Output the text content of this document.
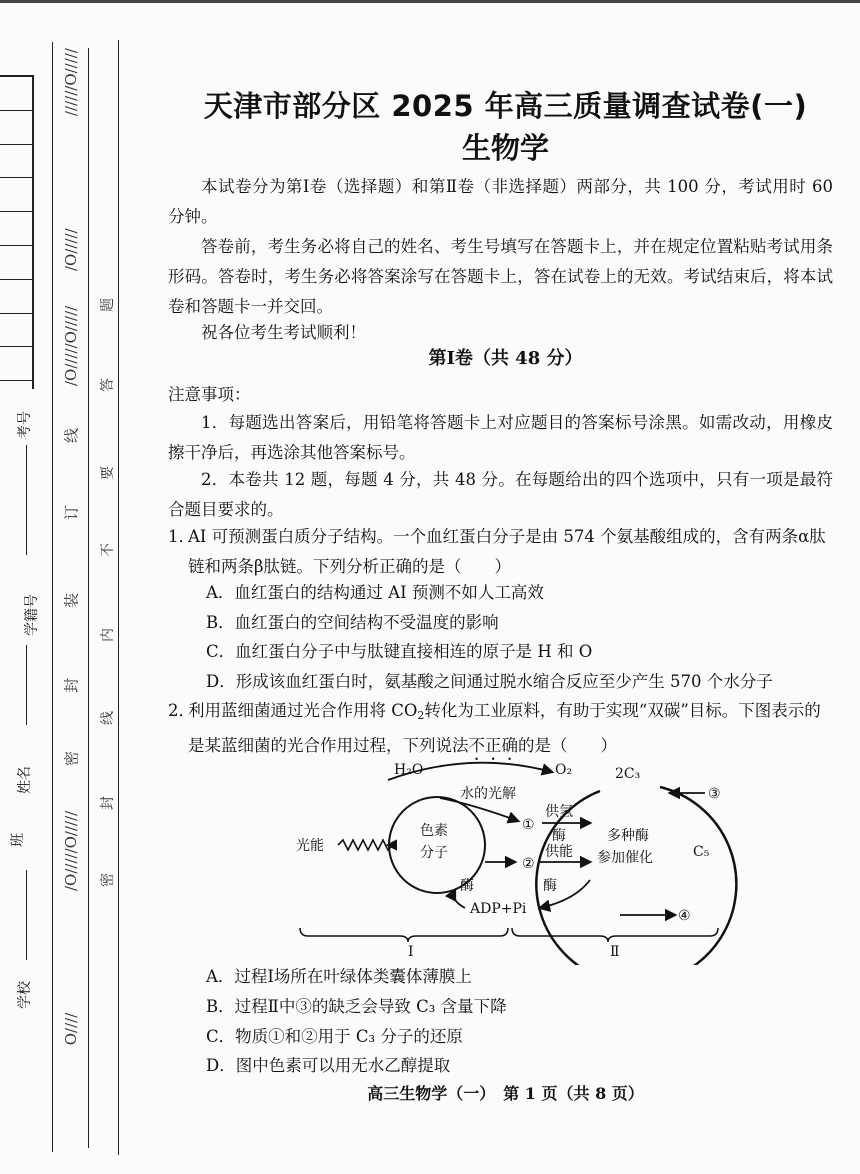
考号
学籍号
姓名
班
学校
//////O/////
/O/////
/O/////O/////
线
订
装
封
密
/O/////O/////
O////
题
答
要
不
内
线
封
密
天津市部分区 2025 年高三质量调查试卷(一)
生物学
本试卷分为第Ⅰ卷（选择题）和第Ⅱ卷（非选择题）两部分，共 100 分，考试用时 60 分钟。
答卷前，考生务必将自己的姓名、考生号填写在答题卡上，并在规定位置粘贴考试用条形码。答卷时，考生务必将答案涂写在答题卡上，答在试卷上的无效。考试结束后，将本试卷和答题卡一并交回。
祝各位考生考试顺利！
第Ⅰ卷（共 48 分）
注意事项：
1．每题选出答案后，用铅笔将答题卡上对应题目的答案标号涂黑。如需改动，用橡皮擦干净后，再选涂其他答案标号。
2．本卷共 12 题，每题 4 分，共 48 分。在每题给出的四个选项中，只有一项是最符合题目要求的。
1．
AI 可预测蛋白质分子结构。一个血红蛋白分子是由 574 个氨基酸组成的，含有两条α肽链和两条β肽链。下列分析正确的是（　　）
A．血红蛋白的结构通过 AI 预测不如人工高效
B．血红蛋白的空间结构不受温度的影响
C．血红蛋白分子中与肽键直接相连的原子是 H 和 O
D．形成该血红蛋白时，氨基酸之间通过脱水缩合反应至少产生 570 个水分子
2．
利用蓝细菌通过光合作用将 CO2转化为工业原料，有助于实现“双碳”目标。下图表示的是某蓝细菌的光合作用过程，下列说法不正确的是（　　）
A．过程Ⅰ场所在叶绿体类囊体薄膜上
B．过程Ⅱ中③的缺乏会导致 C₃ 含量下降
C．物质①和②用于 C₃ 分子的还原
D．图中色素可以用无水乙醇提取
高三生物学（一）　第 1 页（共 8 页）
H₂O	O₂	2C₃
水的光解
光能
色素
分子
多种酶
参加催化
①
②
③
④
供氢
酶
供能
酶	酶
ADP+Pi
C₅
Ⅰ	Ⅱ
